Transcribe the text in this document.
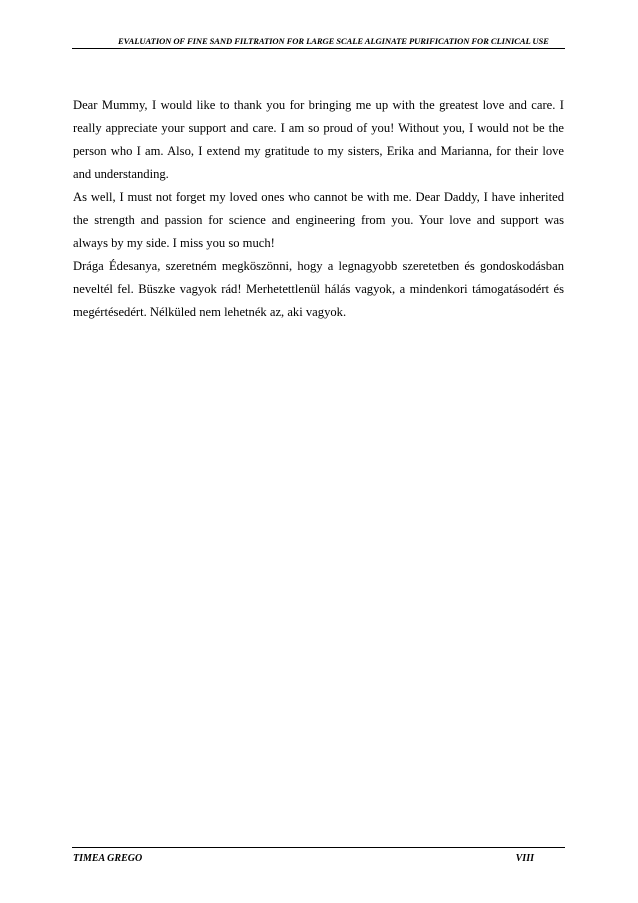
EVALUATION OF FINE SAND FILTRATION FOR LARGE SCALE ALGINATE PURIFICATION FOR CLINICAL USE

Dear Mummy, I would like to thank you for bringing me up with the greatest love and care. I really appreciate your support and care. I am so proud of you! Without you, I would not be the person who I am. Also, I extend my gratitude to my sisters, Erika and Marianna, for their love and understanding.

As well, I must not forget my loved ones who cannot be with me. Dear Daddy, I have inherited the strength and passion for science and engineering from you. Your love and support was always by my side. I miss you so much!

Drága Édesanya, szeretném megköszönni, hogy a legnagyobb szeretetben és gondoskodásban neveltél fel. Büszke vagyok rád! Merhetettlenül hálás vagyok, a mindenkori támogatásodért és megértésedért. Nélküled nem lehetnék az, aki vagyok.

TIMEA GREGO	VIII
